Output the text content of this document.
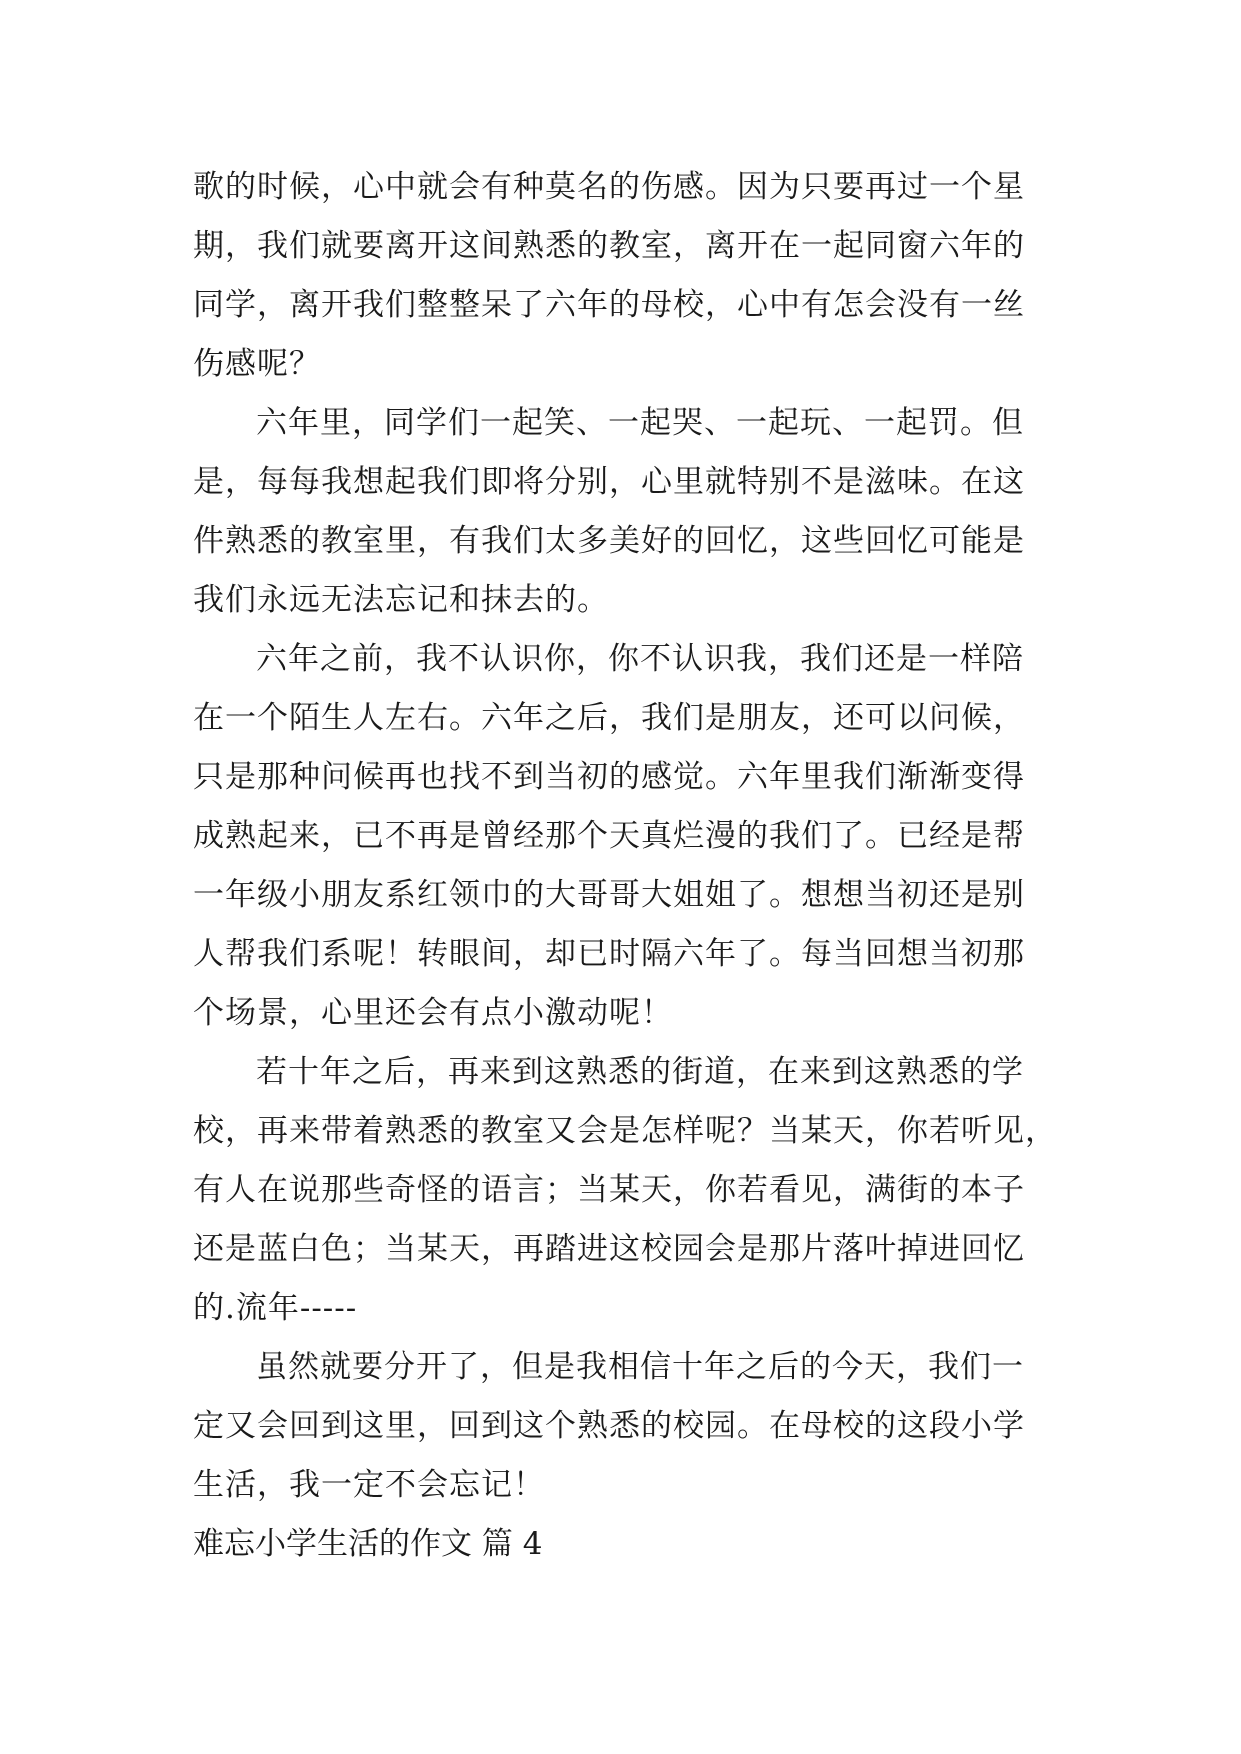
歌的时候，心中就会有种莫名的伤感。因为只要再过一个星
期，我们就要离开这间熟悉的教室，离开在一起同窗六年的
同学，离开我们整整呆了六年的母校，心中有怎会没有一丝
伤感呢？
六年里，同学们一起笑、一起哭、一起玩、一起罚。但
是，每每我想起我们即将分别，心里就特别不是滋味。在这
件熟悉的教室里，有我们太多美好的回忆，这些回忆可能是
我们永远无法忘记和抹去的。
六年之前，我不认识你，你不认识我，我们还是一样陪
在一个陌生人左右。六年之后，我们是朋友，还可以问候，
只是那种问候再也找不到当初的感觉。六年里我们渐渐变得
成熟起来，已不再是曾经那个天真烂漫的我们了。已经是帮
一年级小朋友系红领巾的大哥哥大姐姐了。想想当初还是别
人帮我们系呢！转眼间，却已时隔六年了。每当回想当初那
个场景，心里还会有点小激动呢！
若十年之后，再来到这熟悉的街道，在来到这熟悉的学
校，再来带着熟悉的教室又会是怎样呢？当某天，你若听见，
有人在说那些奇怪的语言；当某天，你若看见，满街的本子
还是蓝白色；当某天，再踏进这校园会是那片落叶掉进回忆
的.流年-----
虽然就要分开了，但是我相信十年之后的今天，我们一
定又会回到这里，回到这个熟悉的校园。在母校的这段小学
生活，我一定不会忘记！
难忘小学生活的作文 篇 4
